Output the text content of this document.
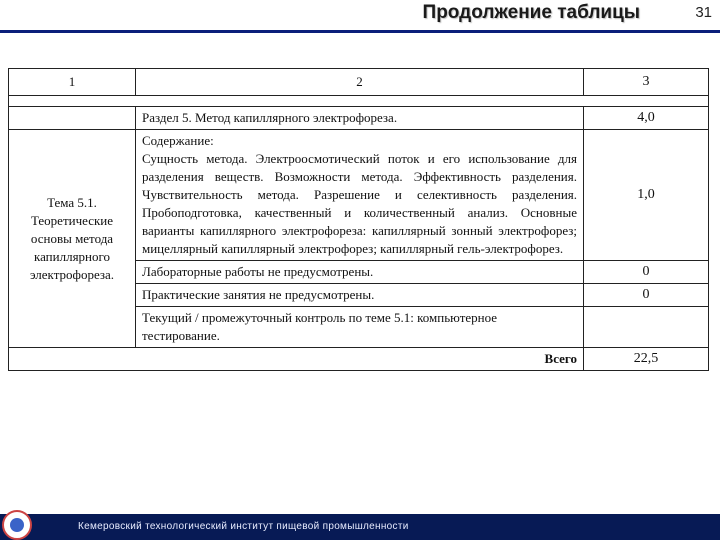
Продолжение таблицы	31
1	2	3

	Раздел 5. Метод капиллярного электрофореза.	4,0
Тема 5.1. Теоретические основы метода капиллярного электрофореза.	Содержание:
Сущность метода. Электроосмотический поток и его использование для разделения веществ. Возможности метода. Эффективность разделения. Чувствительность метода. Разрешение и селективность разделения. Пробоподготовка, качественный и количественный анализ. Основные варианты капиллярного электрофореза: капиллярный зонный электрофорез; мицеллярный капиллярный электрофорез; капиллярный гель-электрофорез.	1,0
	Лабораторные работы не предусмотрены.	0
	Практические занятия не предусмотрены.	0
	Текущий / промежуточный контроль по теме 5.1: компьютерное тестирование.	
Всего		22,5
Кемеровский технологический институт пищевой промышленности
